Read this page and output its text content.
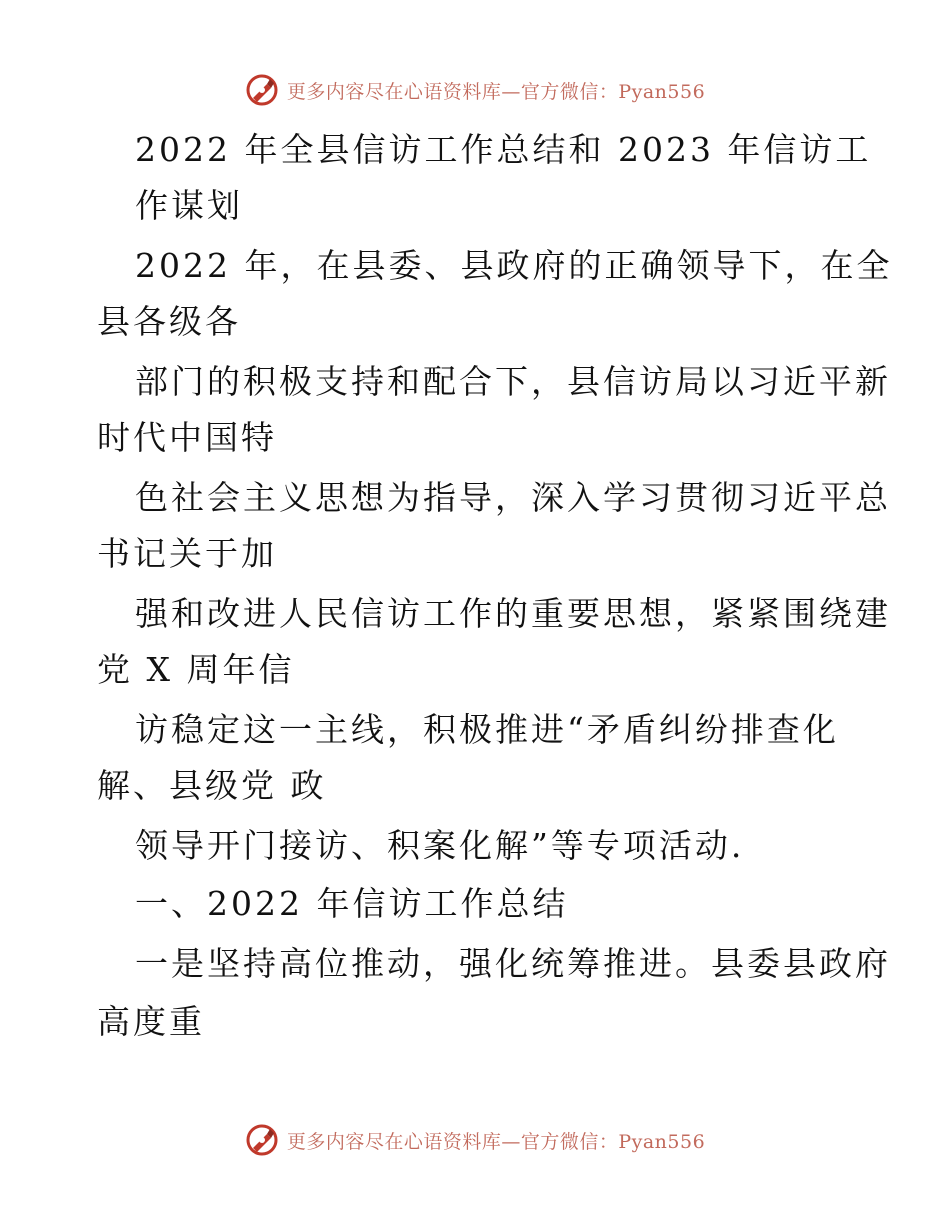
更多内容尽在心语资料库—官方微信：Pyan556
2022 年全县信访工作总结和 2023 年信访工
作谋划
2022 年，在县委、县政府的正确领导下，在全
县各级各
部门的积极支持和配合下，县信访局以习近平新
时代中国特
色社会主义思想为指导，深入学习贯彻习近平总
书记关于加
强和改进人民信访工作的重要思想，紧紧围绕建
党 X 周年信
访稳定这一主线，积极推进“矛盾纠纷排查化
解、县级党 政
领导开门接访、积案化解”等专项活动.
一、2022 年信访工作总结
一是坚持高位推动，强化统筹推进。县委县政府
高度重
更多内容尽在心语资料库—官方微信：Pyan556
